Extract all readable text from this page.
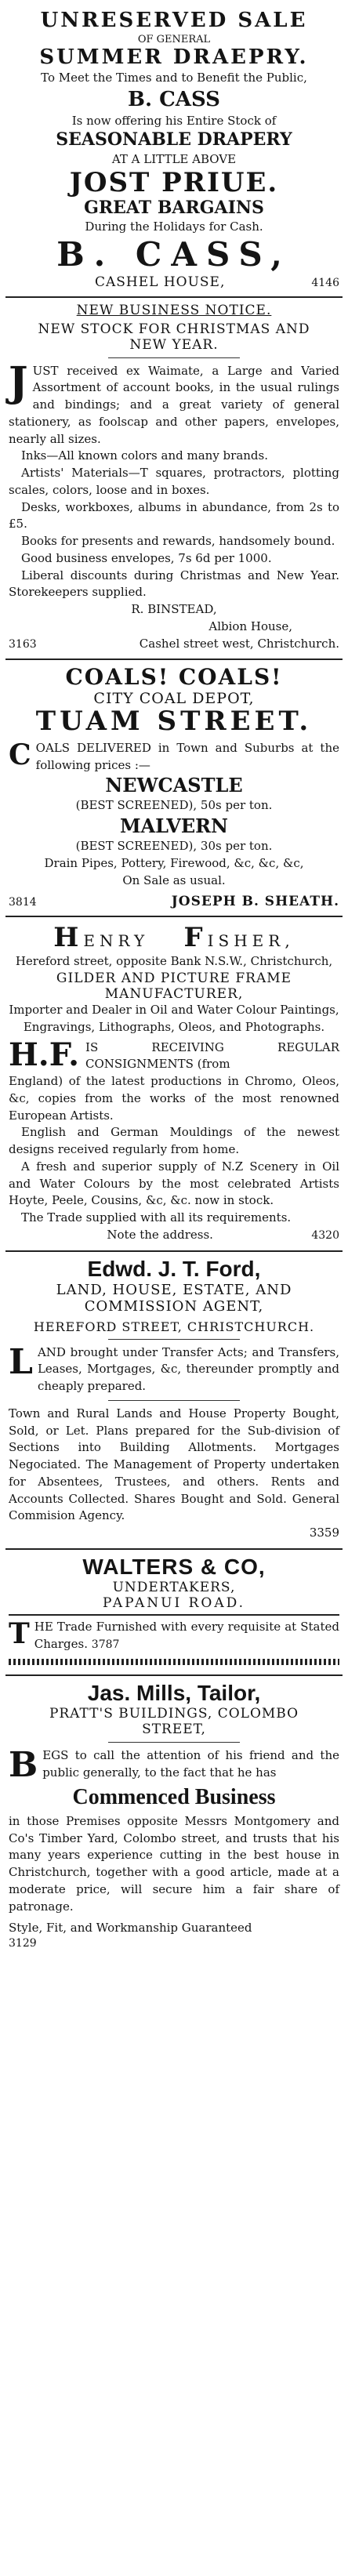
UNRESERVED SALE

OF GENERAL

SUMMER DRAEPRY.

To Meet the Times and to Benefit the Public,

B. CASS

Is now offering his Entire Stock of

SEASONABLE DRAPERY

AT A LITTLE ABOVE

JOST PRIUE.

GREAT BARGAINS

During the Holidays for Cash.

B. CASS,

CASHEL HOUSE,	4146

NEW BUSINESS NOTICE.

NEW STOCK FOR CHRISTMAS AND

NEW YEAR.

JUST received ex Waimate, a Large and Varied Assortment of account books, in the usual rulings and bindings; and a great variety of general stationery, as foolscap and other papers, envelopes, nearly all sizes.

Inks—All known colors and many brands.

Artists' Materials—T squares, protractors, plotting scales, colors, loose and in boxes.

Desks, workboxes, albums in abundance, from 2s to £5.

Books for presents and rewards, handsomely bound.

Good business envelopes, 7s 6d per 1000.

Liberal discounts during Christmas and New Year. Storekeepers supplied.

R. BINSTEAD,

Albion House,

3163	Cashel street west, Christchurch.

COALS! COALS!

CITY COAL DEPOT,

TUAM STREET.

COALS DELIVERED in Town and Suburbs at the following prices :—

NEWCASTLE

(BEST SCREENED), 50s per ton.

MALVERN

(BEST SCREENED), 30s per ton.

Drain Pipes, Pottery, Firewood, &c, &c, &c,

On Sale as usual.

3814	JOSEPH B. SHEATH.

HENRY FISHER,

Hereford street, opposite Bank N.S.W., Christchurch,

GILDER AND PICTURE FRAME MANUFACTURER,

Importer and Dealer in Oil and Water Colour Paintings,

Engravings, Lithographs, Oleos, and Photographs.

H.F. IS RECEIVING REGULAR CONSIGNMENTS (from

England) of the latest productions in Chromo, Oleos, &c, copies from the works of the most renowned European Artists.

English and German Mouldings of the newest designs received regularly from home.

A fresh and superior supply of N.Z Scenery in Oil and Water Colours by the most celebrated Artists Hoyte, Peele, Cousins, &c, &c. now in stock.

The Trade supplied with all its requirements.

Note the address.	4320

Edwd. J. T. Ford,

LAND, HOUSE, ESTATE, AND

COMMISSION AGENT,

HEREFORD STREET, CHRISTCHURCH.

LAND brought under Transfer Acts; and Transfers, Leases, Mortgages, &c, thereunder promptly and cheaply prepared.

Town and Rural Lands and House Property Bought, Sold, or Let. Plans prepared for the Sub-division of Sections into Building Allotments. Mortgages Negociated. The Management of Property undertaken for Absentees, Trustees, and others. Rents and Accounts Collected. Shares Bought and Sold. General Commision Agency.

3359

WALTERS & CO,

UNDERTAKERS,

PAPANUI ROAD.

THE Trade Furnished with every requisite at Stated Charges. 3787

Jas. Mills, Tailor,

PRATT'S BUILDINGS, COLOMBO

STREET,

BEGS to call the attention of his friend and the public generally, to the fact that he has

Commenced Business

in those Premises opposite Messrs Montgomery and Co's Timber Yard, Colombo street, and trusts that his many years experience cutting in the best house in Christchurch, together with a good article, made at a moderate price, will secure him a fair share of patronage.

Style, Fit, and Workmanship Guaranteed

3129
